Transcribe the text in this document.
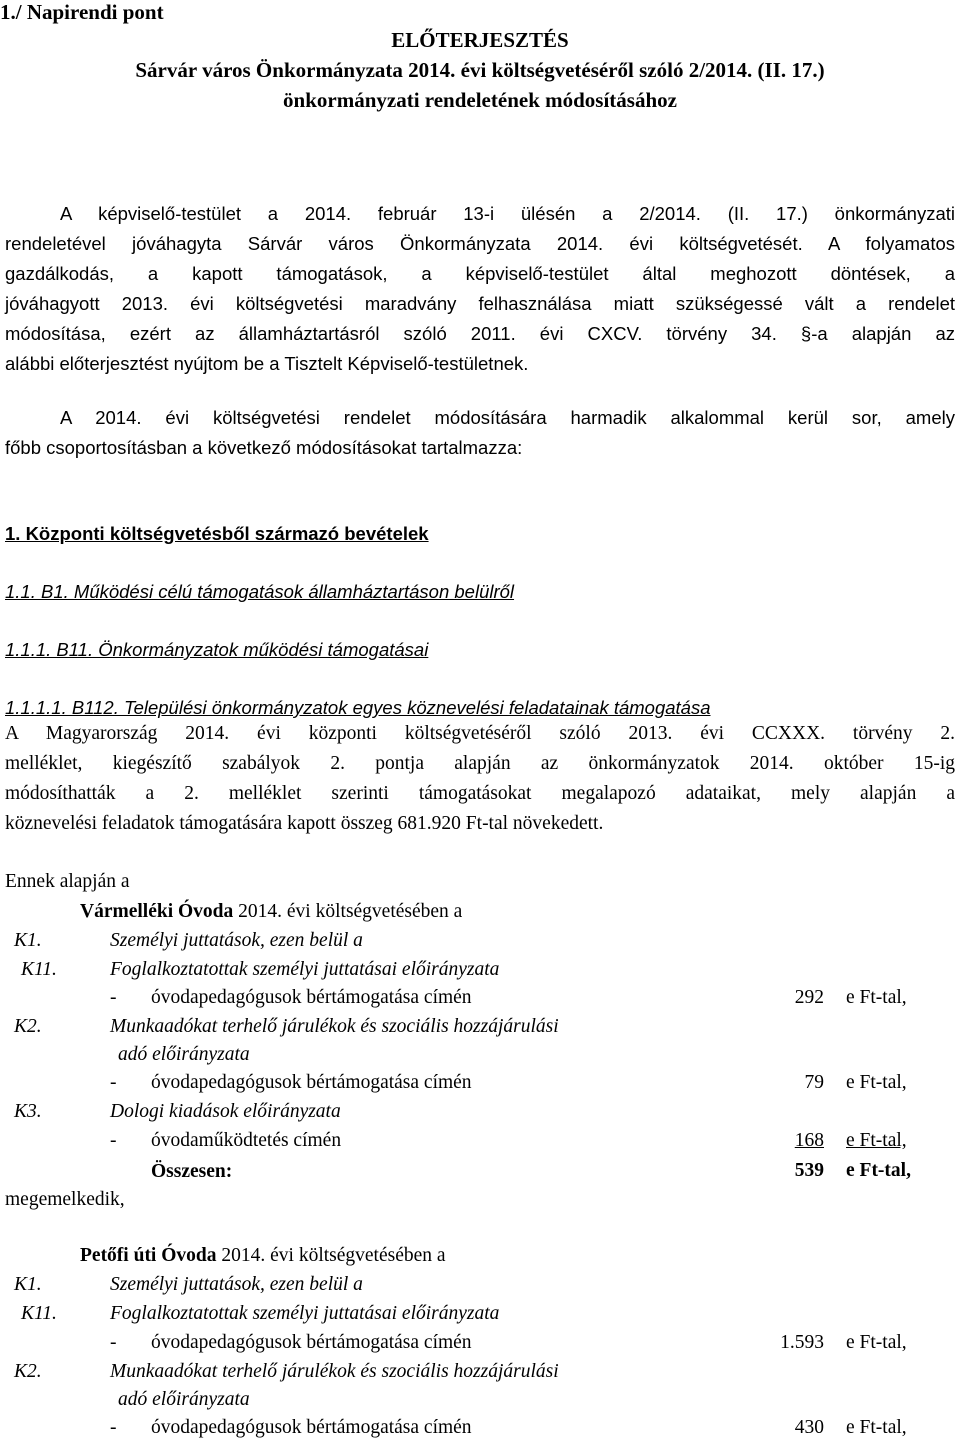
1./ Napirendi pont
ELŐTERJESZTÉS
Sárvár város Önkormányzata 2014. évi költségvetéséről szóló 2/2014. (II. 17.)
önkormányzati rendeletének módosításához
A képviselő-testület a 2014. február 13-i ülésén a 2/2014. (II. 17.) önkormányzati
rendeletével jóváhagyta Sárvár város Önkormányzata 2014. évi költségvetését. A folyamatos
gazdálkodás, a kapott támogatások, a képviselő-testület által meghozott döntések, a
jóváhagyott 2013. évi költségvetési maradvány felhasználása miatt szükségessé vált a rendelet
módosítása, ezért az államháztartásról szóló 2011. évi CXCV. törvény 34. §-a alapján az
alábbi előterjesztést nyújtom be a Tisztelt Képviselő-testületnek.
A 2014. évi költségvetési rendelet módosítására harmadik alkalommal kerül sor, amely
főbb csoportosításban a következő módosításokat tartalmazza:
1. Központi költségvetésből származó bevételek
1.1. B1. Működési célú támogatások államháztartáson belülről
1.1.1. B11. Önkormányzatok működési támogatásai
1.1.1.1. B112. Települési önkormányzatok egyes köznevelési feladatainak támogatása
A Magyarország 2014. évi központi költségvetéséről szóló 2013. évi CCXXX. törvény 2.
melléklet, kiegészítő szabályok 2. pontja alapján az önkormányzatok 2014. október 15-ig
módosíthatták a 2. melléklet szerinti támogatásokat megalapozó adataikat, mely alapján a
köznevelési feladatok támogatására kapott összeg 681.920 Ft-tal növekedett.
Ennek alapján a
Vármelléki Óvoda 2014. évi költségvetésében a
K1.	Személyi juttatások, ezen belül a
K11.	Foglalkoztatottak személyi juttatásai előirányzata
- óvodapedagógusok bértámogatása címén	292 e Ft-tal,
K2.	Munkaadókat terhelő járulékok és szociális hozzájárulási
adó előirányzata
- óvodapedagógusok bértámogatása címén	79 e Ft-tal,
K3.	Dologi kiadások előirányzata
- óvodaműködtetés címén	168 e Ft-tal,
Összesen:	539 e Ft-tal,
megemelkedik,
Petőfi úti Óvoda 2014. évi költségvetésében a
K1.	Személyi juttatások, ezen belül a
K11.	Foglalkoztatottak személyi juttatásai előirányzata
- óvodapedagógusok bértámogatása címén	1.593 e Ft-tal,
K2.	Munkaadókat terhelő járulékok és szociális hozzájárulási
adó előirányzata
- óvodapedagógusok bértámogatása címén	430 e Ft-tal,
